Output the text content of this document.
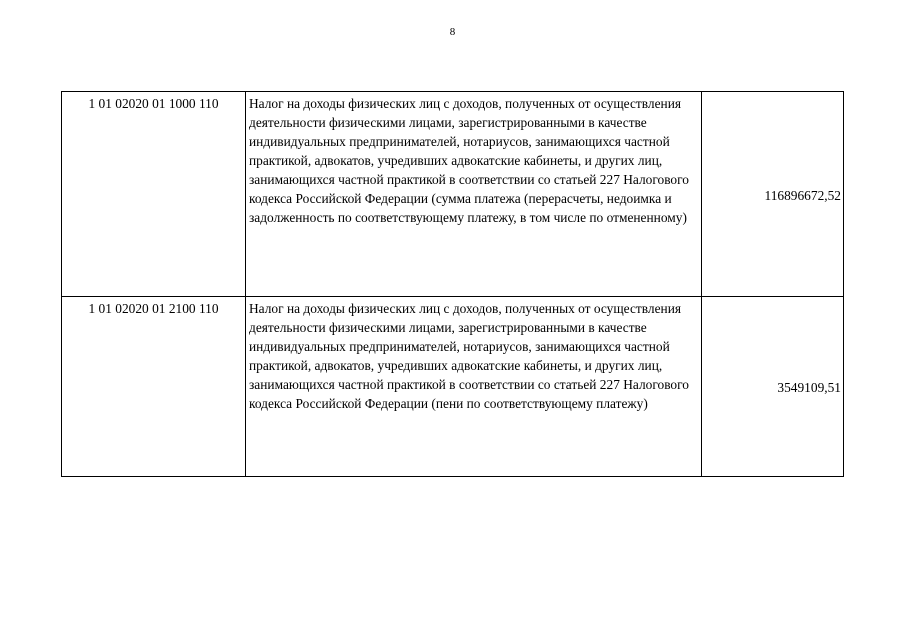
8
1 01 02020 01 1000 110	Налог на доходы физических лиц с доходов, полученных от осуществления деятельности физическими лицами, зарегистрированными в качестве индивидуальных предпринимателей, нотариусов, занимающихся частной практикой, адвокатов, учредивших адвокатские кабинеты, и других лиц, занимающихся частной практикой в соответствии со статьей 227 Налогового кодекса Российской Федерации (сумма платежа (перерасчеты, недоимка и задолженность по соответствующему платежу, в том числе по отмененному)	116896672,52
1 01 02020 01 2100 110	Налог на доходы физических лиц с доходов, полученных от осуществления деятельности физическими лицами, зарегистрированными в качестве индивидуальных предпринимателей, нотариусов, занимающихся частной практикой, адвокатов, учредивших адвокатские кабинеты, и других лиц, занимающихся частной практикой в соответствии со статьей 227 Налогового кодекса Российской Федерации (пени по соответствующему платежу)	3549109,51
